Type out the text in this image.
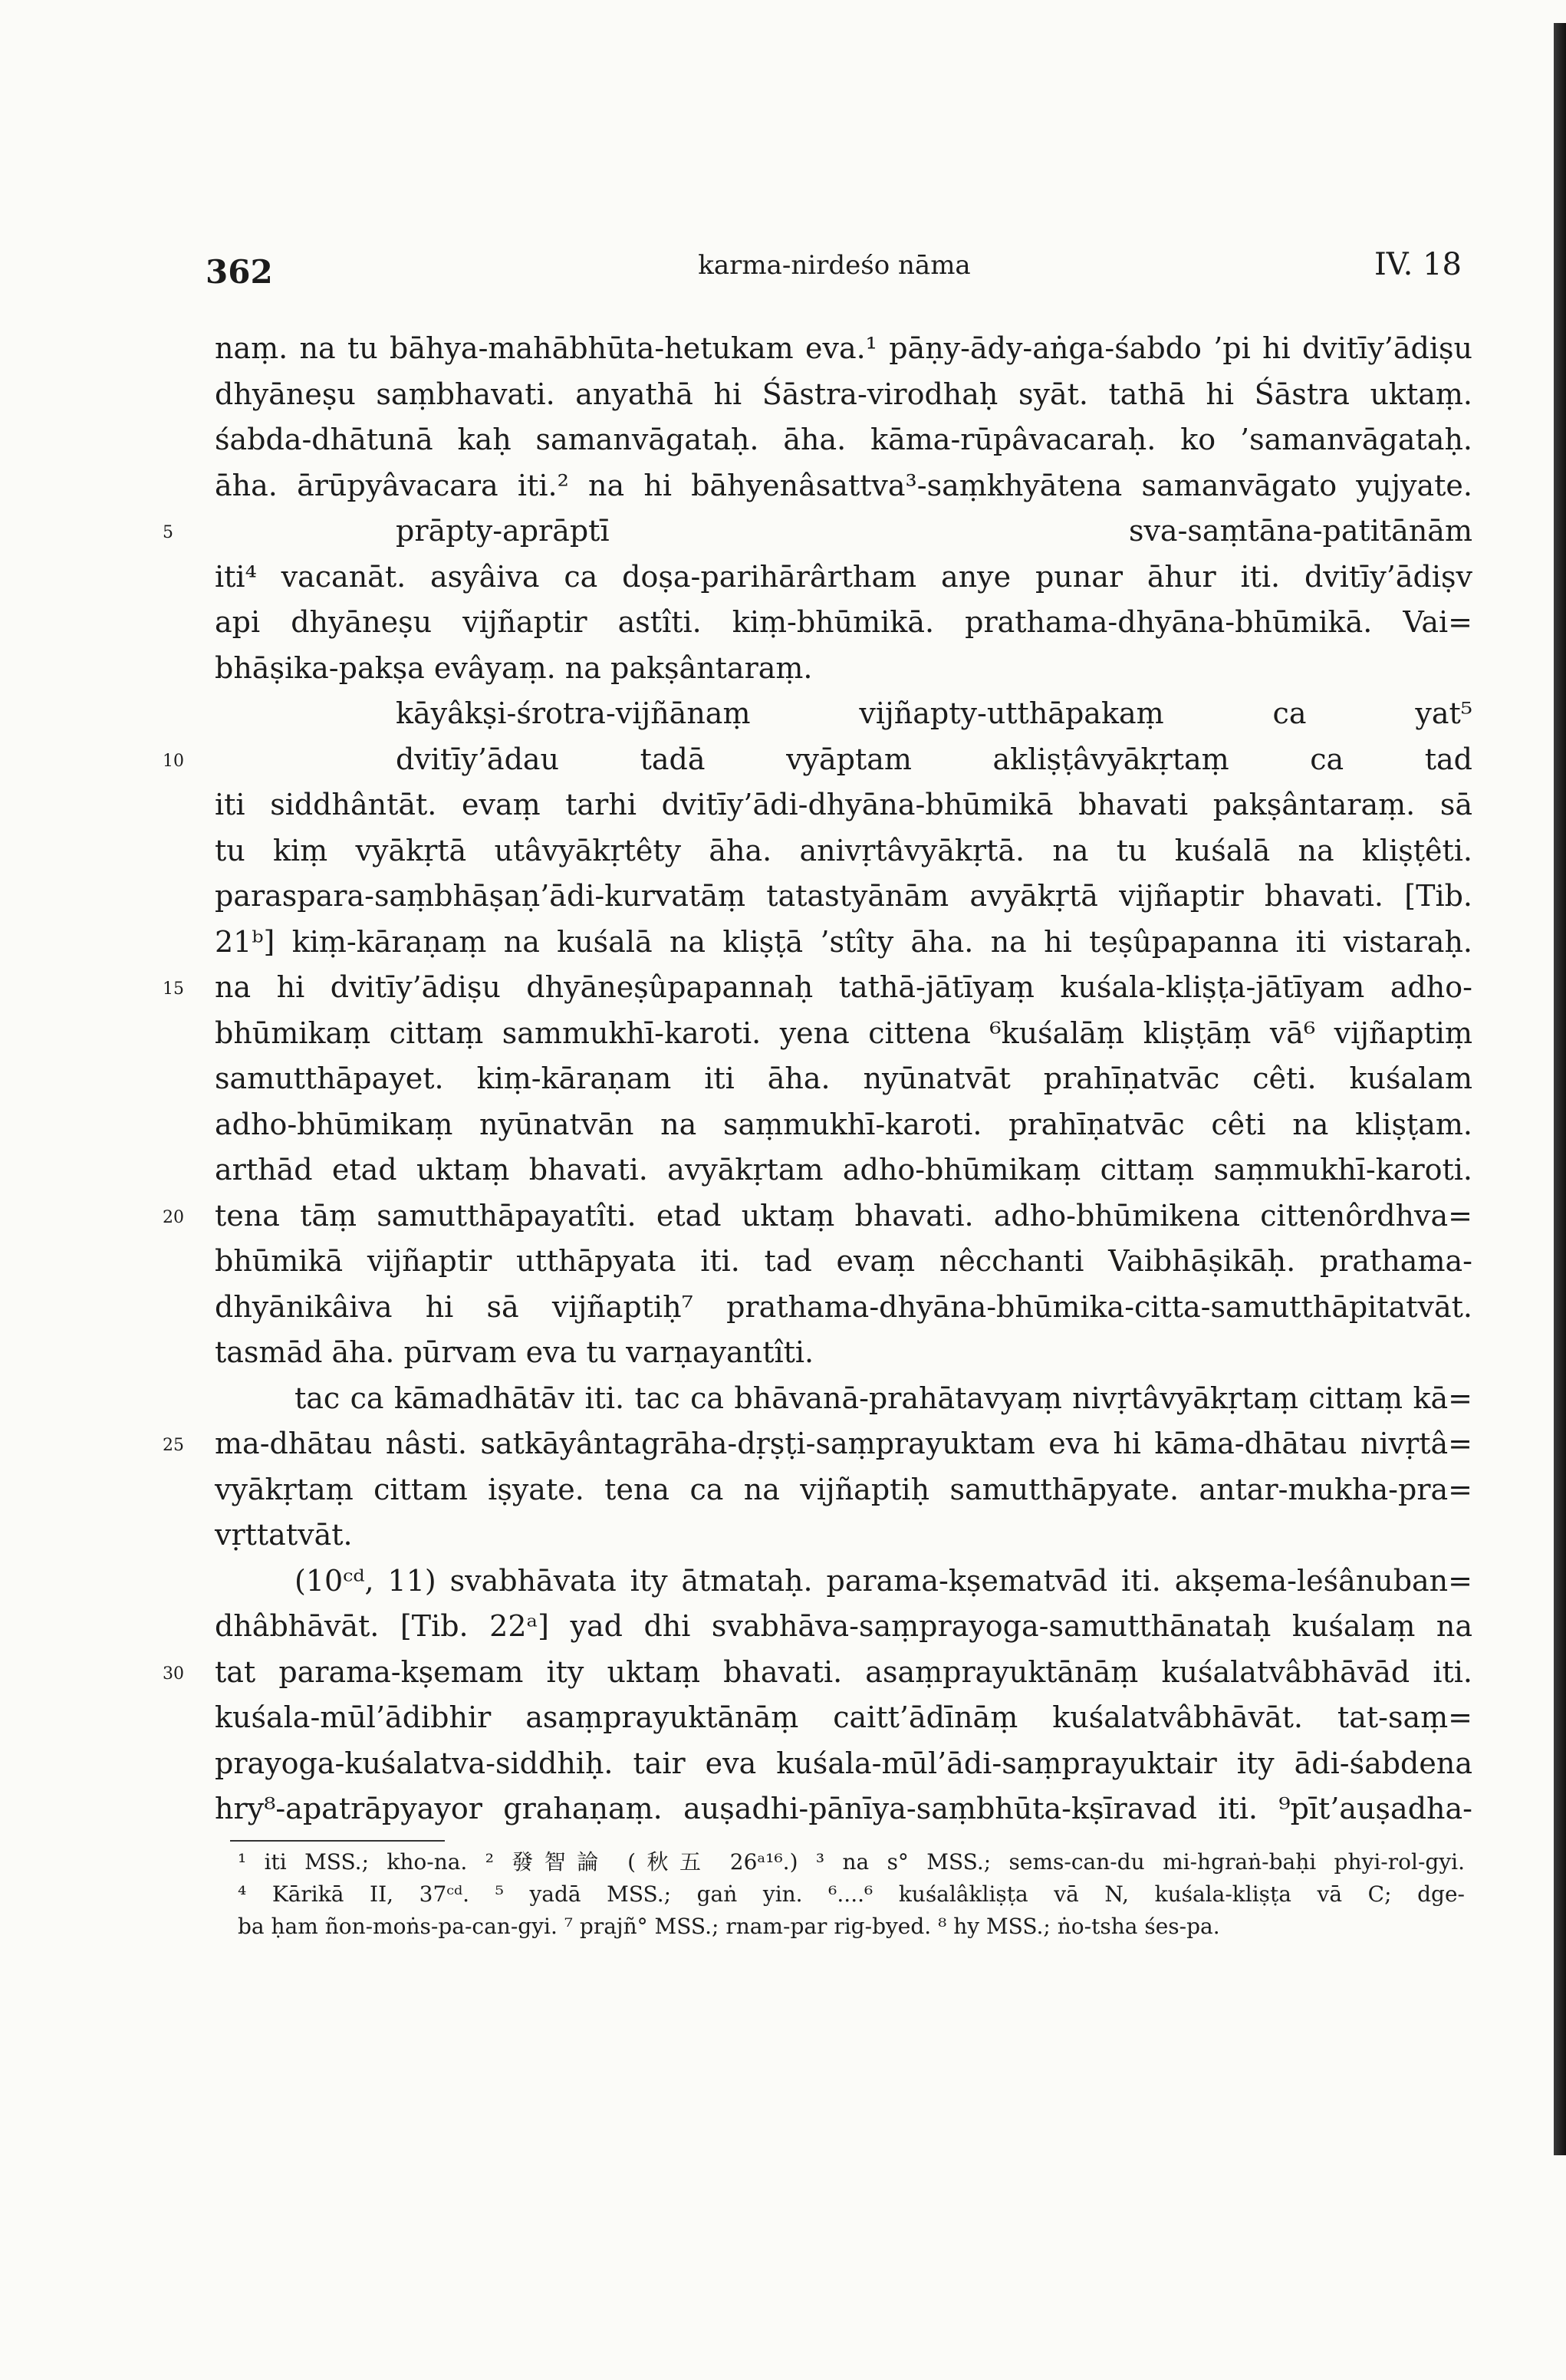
362	karma-nirdeśo nāma	IV. 18
naṃ. na tu bāhya-mahābhūta-hetukam eva.¹ pāṇy-ādy-aṅga-śabdo ’pi hi dvitīy’ādiṣu
dhyāneṣu saṃbhavati. anyathā hi Śāstra-virodhaḥ syāt. tathā hi Śāstra uktaṃ.
śabda-dhātunā kaḥ samanvāgataḥ. āha. kāma-rūpâvacaraḥ. ko ’samanvāgataḥ.
āha. ārūpyâvacara iti.² na hi bāhyenâsattva³-saṃkhyātena samanvāgato yujyate.
5	prāpty-aprāptī sva-saṃtāna-patitānām
iti⁴ vacanāt. asyâiva ca doṣa-parihārârtham anye punar āhur iti. dvitīy’ādiṣv
api dhyāneṣu vijñaptir astîti. kiṃ-bhūmikā. prathama-dhyāna-bhūmikā. Vai=
bhāṣika-pakṣa evâyaṃ. na pakṣântaraṃ.
kāyâkṣi-śrotra-vijñānaṃ vijñapty-utthāpakaṃ ca yat⁵
10	dvitīy’ādau tadā vyāptam akliṣṭâvyākṛtaṃ ca tad
iti siddhântāt. evaṃ tarhi dvitīy’ādi-dhyāna-bhūmikā bhavati pakṣântaraṃ. sā
tu kiṃ vyākṛtā utâvyākṛtêty āha. anivṛtâvyākṛtā. na tu kuśalā na kliṣṭêti.
paraspara-saṃbhāṣaṇ’ādi-kurvatāṃ tatastyānām avyākṛtā vijñaptir bhavati. [Tib.
21ᵇ] kiṃ-kāraṇaṃ na kuśalā na kliṣṭā ’stîty āha. na hi teṣûpapanna iti vistaraḥ.
15	na hi dvitīy’ādiṣu dhyāneṣûpapannaḥ tathā-jātīyaṃ kuśala-kliṣṭa-jātīyam adho-
bhūmikaṃ cittaṃ sammukhī-karoti. yena cittena ⁶kuśalāṃ kliṣṭāṃ vā⁶ vijñaptiṃ
samutthāpayet. kiṃ-kāraṇam iti āha. nyūnatvāt prahīṇatvāc cêti. kuśalam
adho-bhūmikaṃ nyūnatvān na saṃmukhī-karoti. prahīṇatvāc cêti na kliṣṭam.
arthād etad uktaṃ bhavati. avyākṛtam adho-bhūmikaṃ cittaṃ saṃmukhī-karoti.
20	tena tāṃ samutthāpayatîti. etad uktaṃ bhavati. adho-bhūmikena cittenôrdhva=
bhūmikā vijñaptir utthāpyata iti. tad evaṃ nêcchanti Vaibhāṣikāḥ. prathama-
dhyānikâiva hi sā vijñaptiḥ⁷ prathama-dhyāna-bhūmika-citta-samutthāpitatvāt.
tasmād āha. pūrvam eva tu varṇayantîti.
tac ca kāmadhātāv iti. tac ca bhāvanā-prahātavyaṃ nivṛtâvyākṛtaṃ cittaṃ kā=
25	ma-dhātau nâsti. satkāyântagrāha-dṛṣṭi-saṃprayuktam eva hi kāma-dhātau nivṛtâ=
vyākṛtaṃ cittam iṣyate. tena ca na vijñaptiḥ samutthāpyate. antar-mukha-pra=
vṛttatvāt.
(10ᶜᵈ, 11) svabhāvata ity ātmataḥ. parama-kṣematvād iti. akṣema-leśânuban=
dhâbhāvāt. [Tib. 22ᵃ] yad dhi svabhāva-saṃprayoga-samutthānataḥ kuśalaṃ na
30	tat parama-kṣemam ity uktaṃ bhavati. asaṃprayuktānāṃ kuśalatvâbhāvād iti.
kuśala-mūl’ādibhir asaṃprayuktānāṃ caitt’ādīnāṃ kuśalatvâbhāvāt. tat-saṃ=
prayoga-kuśalatva-siddhiḥ. tair eva kuśala-mūl’ādi-saṃprayuktair ity ādi-śabdena
hry⁸-apatrāpyayor grahaṇaṃ. auṣadhi-pānīya-saṃbhūta-kṣīravad iti. ⁹pīt’auṣadha-
¹ iti MSS.; kho-na. ² 發智論 (秋五 26ᵃ¹⁶.) ³ na s° MSS.; sems-can-du mi-hgraṅ-baḥi phyi-rol-gyi.
⁴ Kārikā II, 37ᶜᵈ. ⁵ yadā MSS.; gaṅ yin. ⁶....⁶ kuśalâkliṣṭa vā N, kuśala-kliṣṭa vā C; dge-
ba ḥam ñon-moṅs-pa-can-gyi. ⁷ prajñ° MSS.; rnam-par rig-byed. ⁸ hy MSS.; ṅo-tsha śes-pa.
